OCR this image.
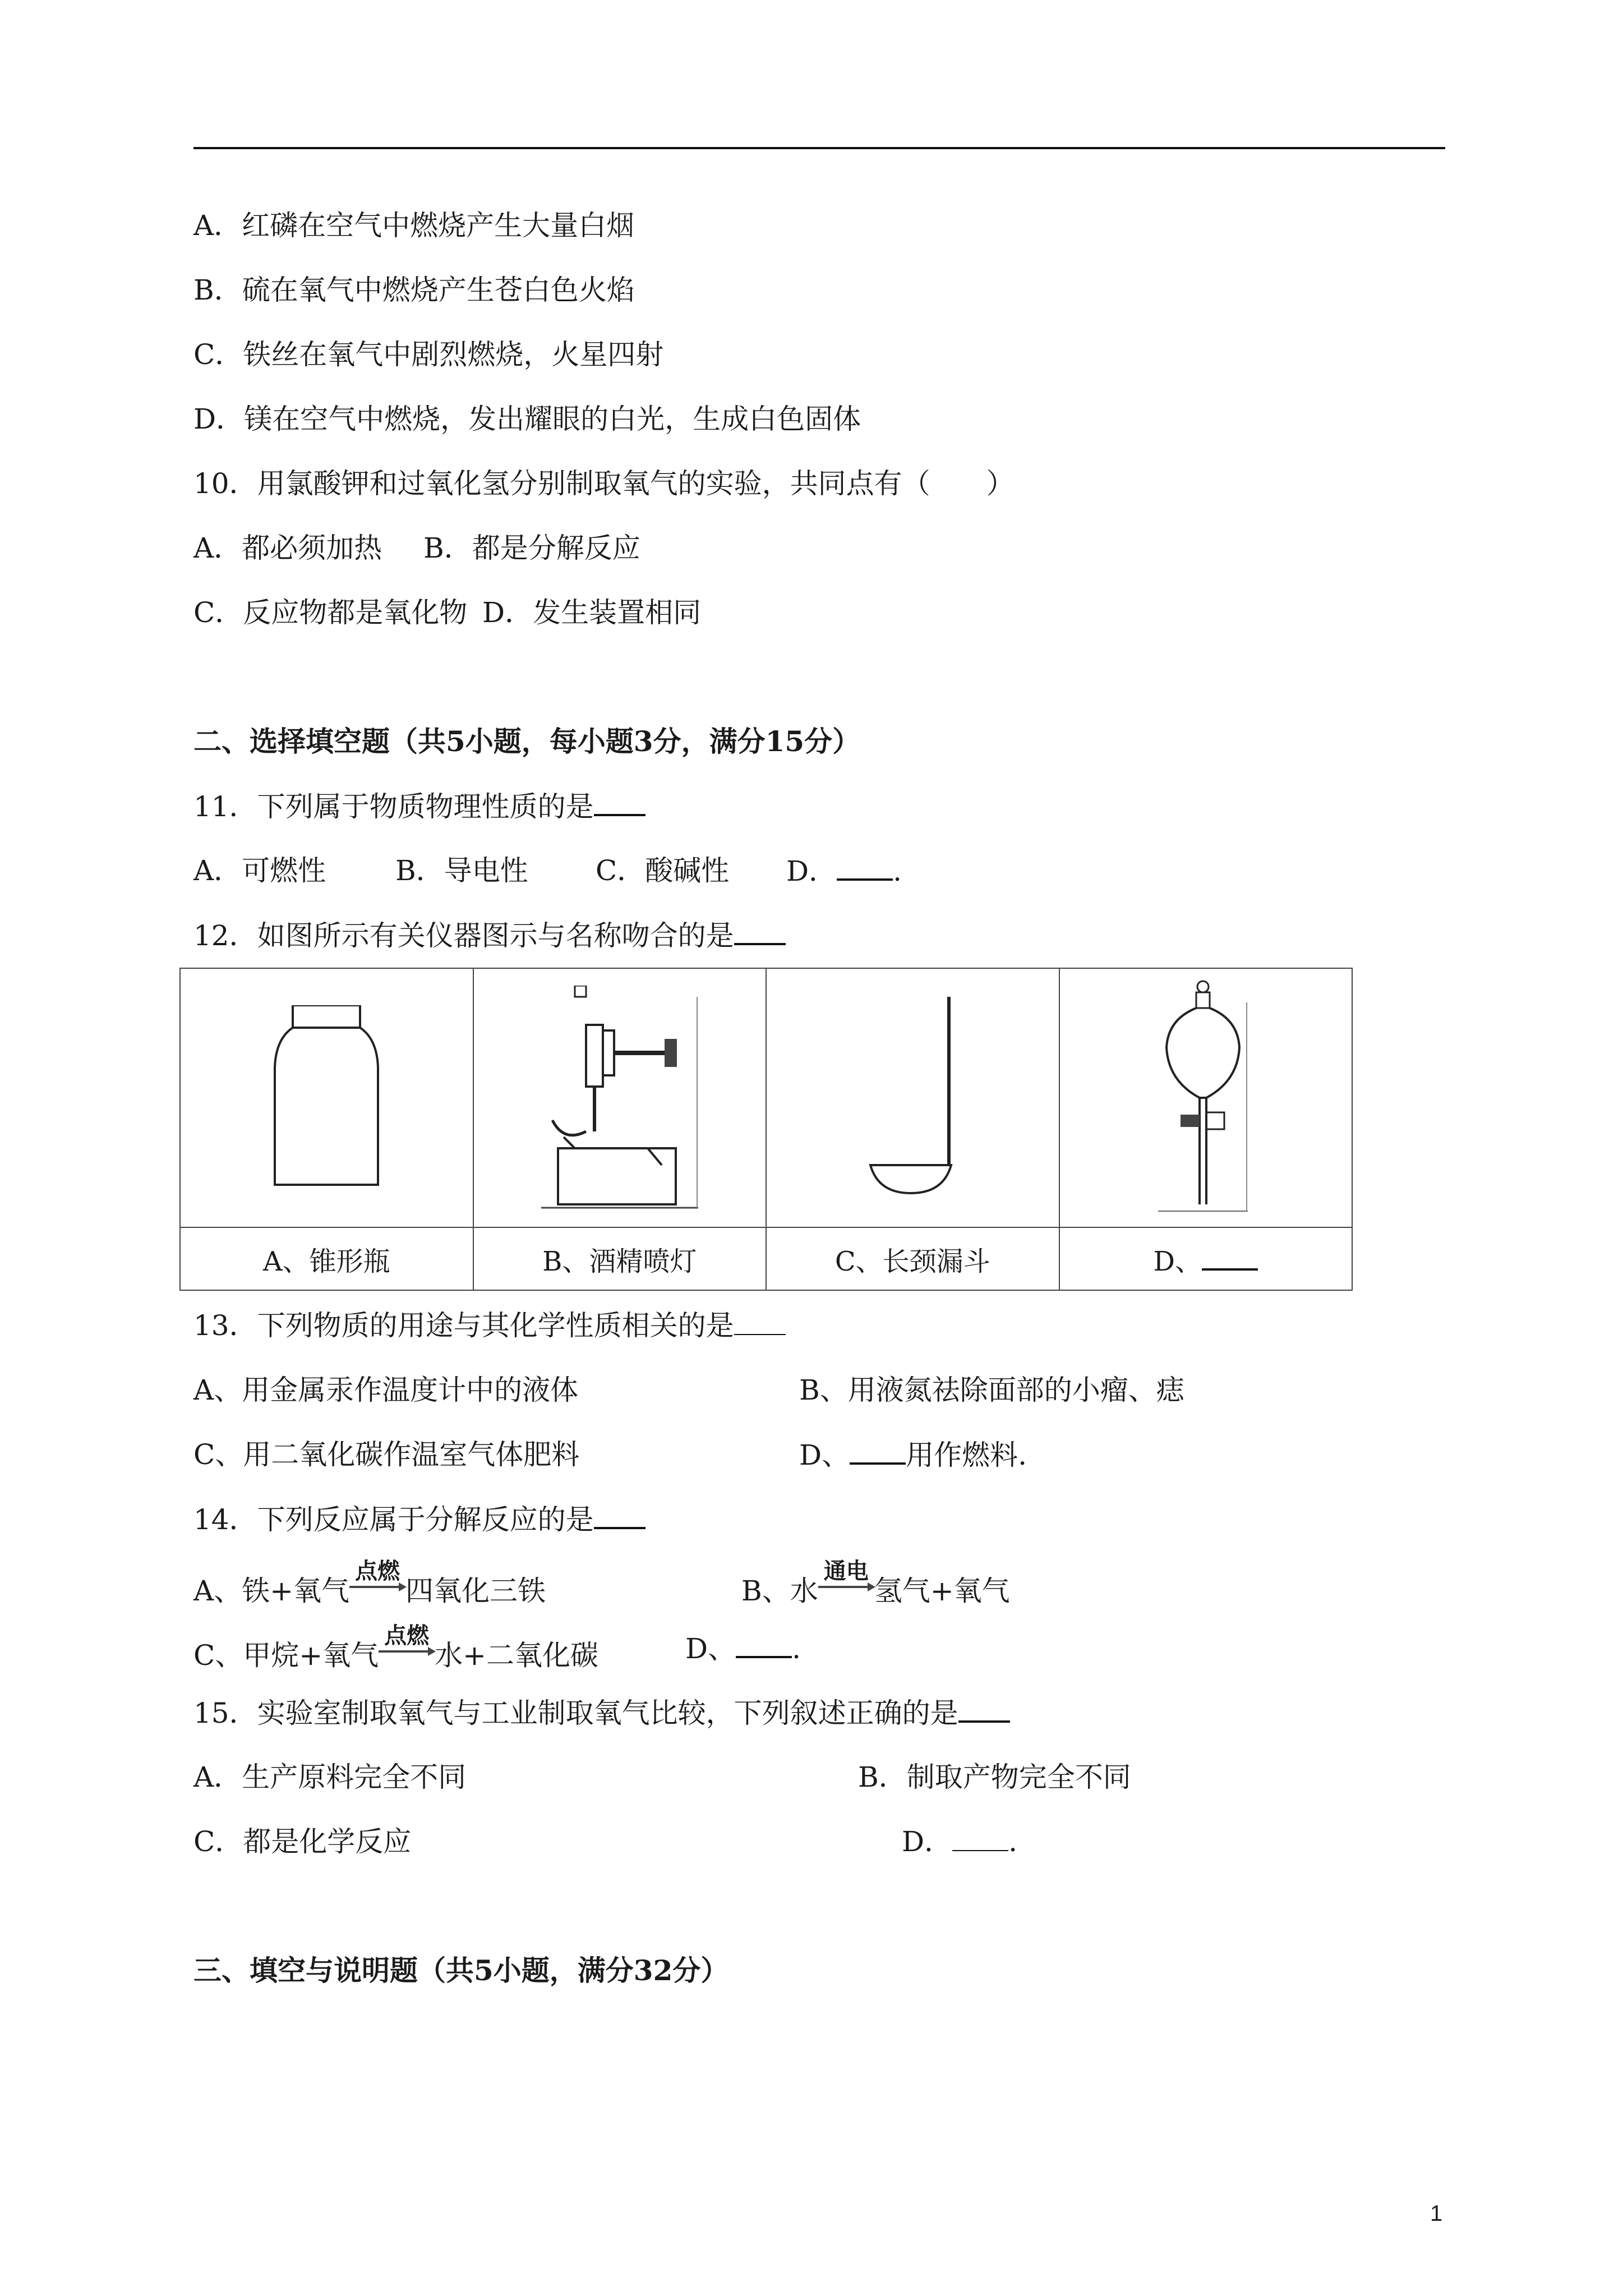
A．红磷在空气中燃烧产生大量白烟
B．硫在氧气中燃烧产生苍白色火焰
C．铁丝在氧气中剧烈燃烧，火星四射
D．镁在空气中燃烧，发出耀眼的白光，生成白色固体
10．用氯酸钾和过氧化氢分别制取氧气的实验，共同点有（　　）
A．都必须加热 B．都是分解反应
C．反应物都是氧化物 D．发生装置相同
二、选择填空题（共5小题，每小题3分，满分15分）
11．下列属于物质物理性质的是
A．可燃性 B．导电性 C．酸碱性 D． .
12．如图所示有关仪器图示与名称吻合的是

A、锥形瓶	B、酒精喷灯	C、长颈漏斗	D、
13．下列物质的用途与其化学性质相关的是
A、用金属汞作温度计中的液体	B、用液氮祛除面部的小瘤、痣
C、用二氧化碳作温室气体肥料	D、 用作燃料.
14．下列反应属于分解反应的是
A、铁+氧气
点燃
四氧化三铁	B、水
通电
氢气+氧气
C、甲烷+氧气
点燃
水+二氧化碳	D、 .
15．实验室制取氧气与工业制取氧气比较，下列叙述正确的是
A．生产原料完全不同	B．制取产物完全不同
C．都是化学反应	D． .
三、填空与说明题（共5小题，满分32分）
1
